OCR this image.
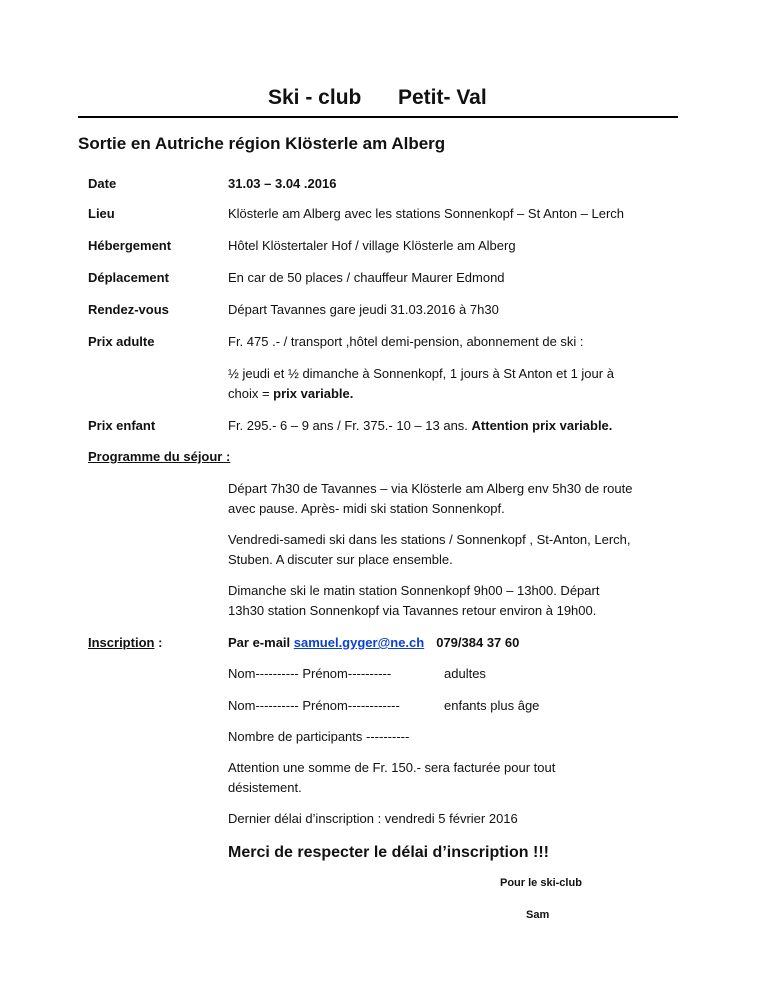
Ski - club Petit- Val
Sortie en Autriche région Klösterle am Alberg
Date	31.03 – 3.04 .2016
Lieu	Klösterle am Alberg avec les stations Sonnenkopf – St Anton – Lerch
Hébergement	Hôtel Klöstertaler Hof / village Klösterle am Alberg
Déplacement	En car de 50 places / chauffeur Maurer Edmond
Rendez-vous	Départ Tavannes gare jeudi 31.03.2016 à 7h30
Prix adulte	Fr. 475 .- / transport ,hôtel demi-pension, abonnement de ski :
½ jeudi et ½ dimanche à Sonnenkopf, 1 jours à St Anton et 1 jour à
choix = prix variable.
Prix enfant	Fr. 295.- 6 – 9 ans / Fr. 375.- 10 – 13 ans. Attention prix variable.
Programme du séjour :
Départ 7h30 de Tavannes – via Klösterle am Alberg env 5h30 de route
avec pause. Après- midi ski station Sonnenkopf.
Vendredi-samedi ski dans les stations / Sonnenkopf , St-Anton, Lerch,
Stuben. A discuter sur place ensemble.
Dimanche ski le matin station Sonnenkopf 9h00 – 13h00. Départ
13h30 station Sonnenkopf via Tavannes retour environ à 19h00.
Inscription :	Par e-mail samuel.gyger@ne.ch 079/384 37 60
Nom---------- Prénom----------	adultes
Nom---------- Prénom------------	enfants plus âge
Nombre de participants ----------
Attention une somme de Fr. 150.- sera facturée pour tout
désistement.
Dernier délai d’inscription : vendredi 5 février 2016
Merci de respecter le délai d’inscription !!!
Pour le ski-club
Sam
